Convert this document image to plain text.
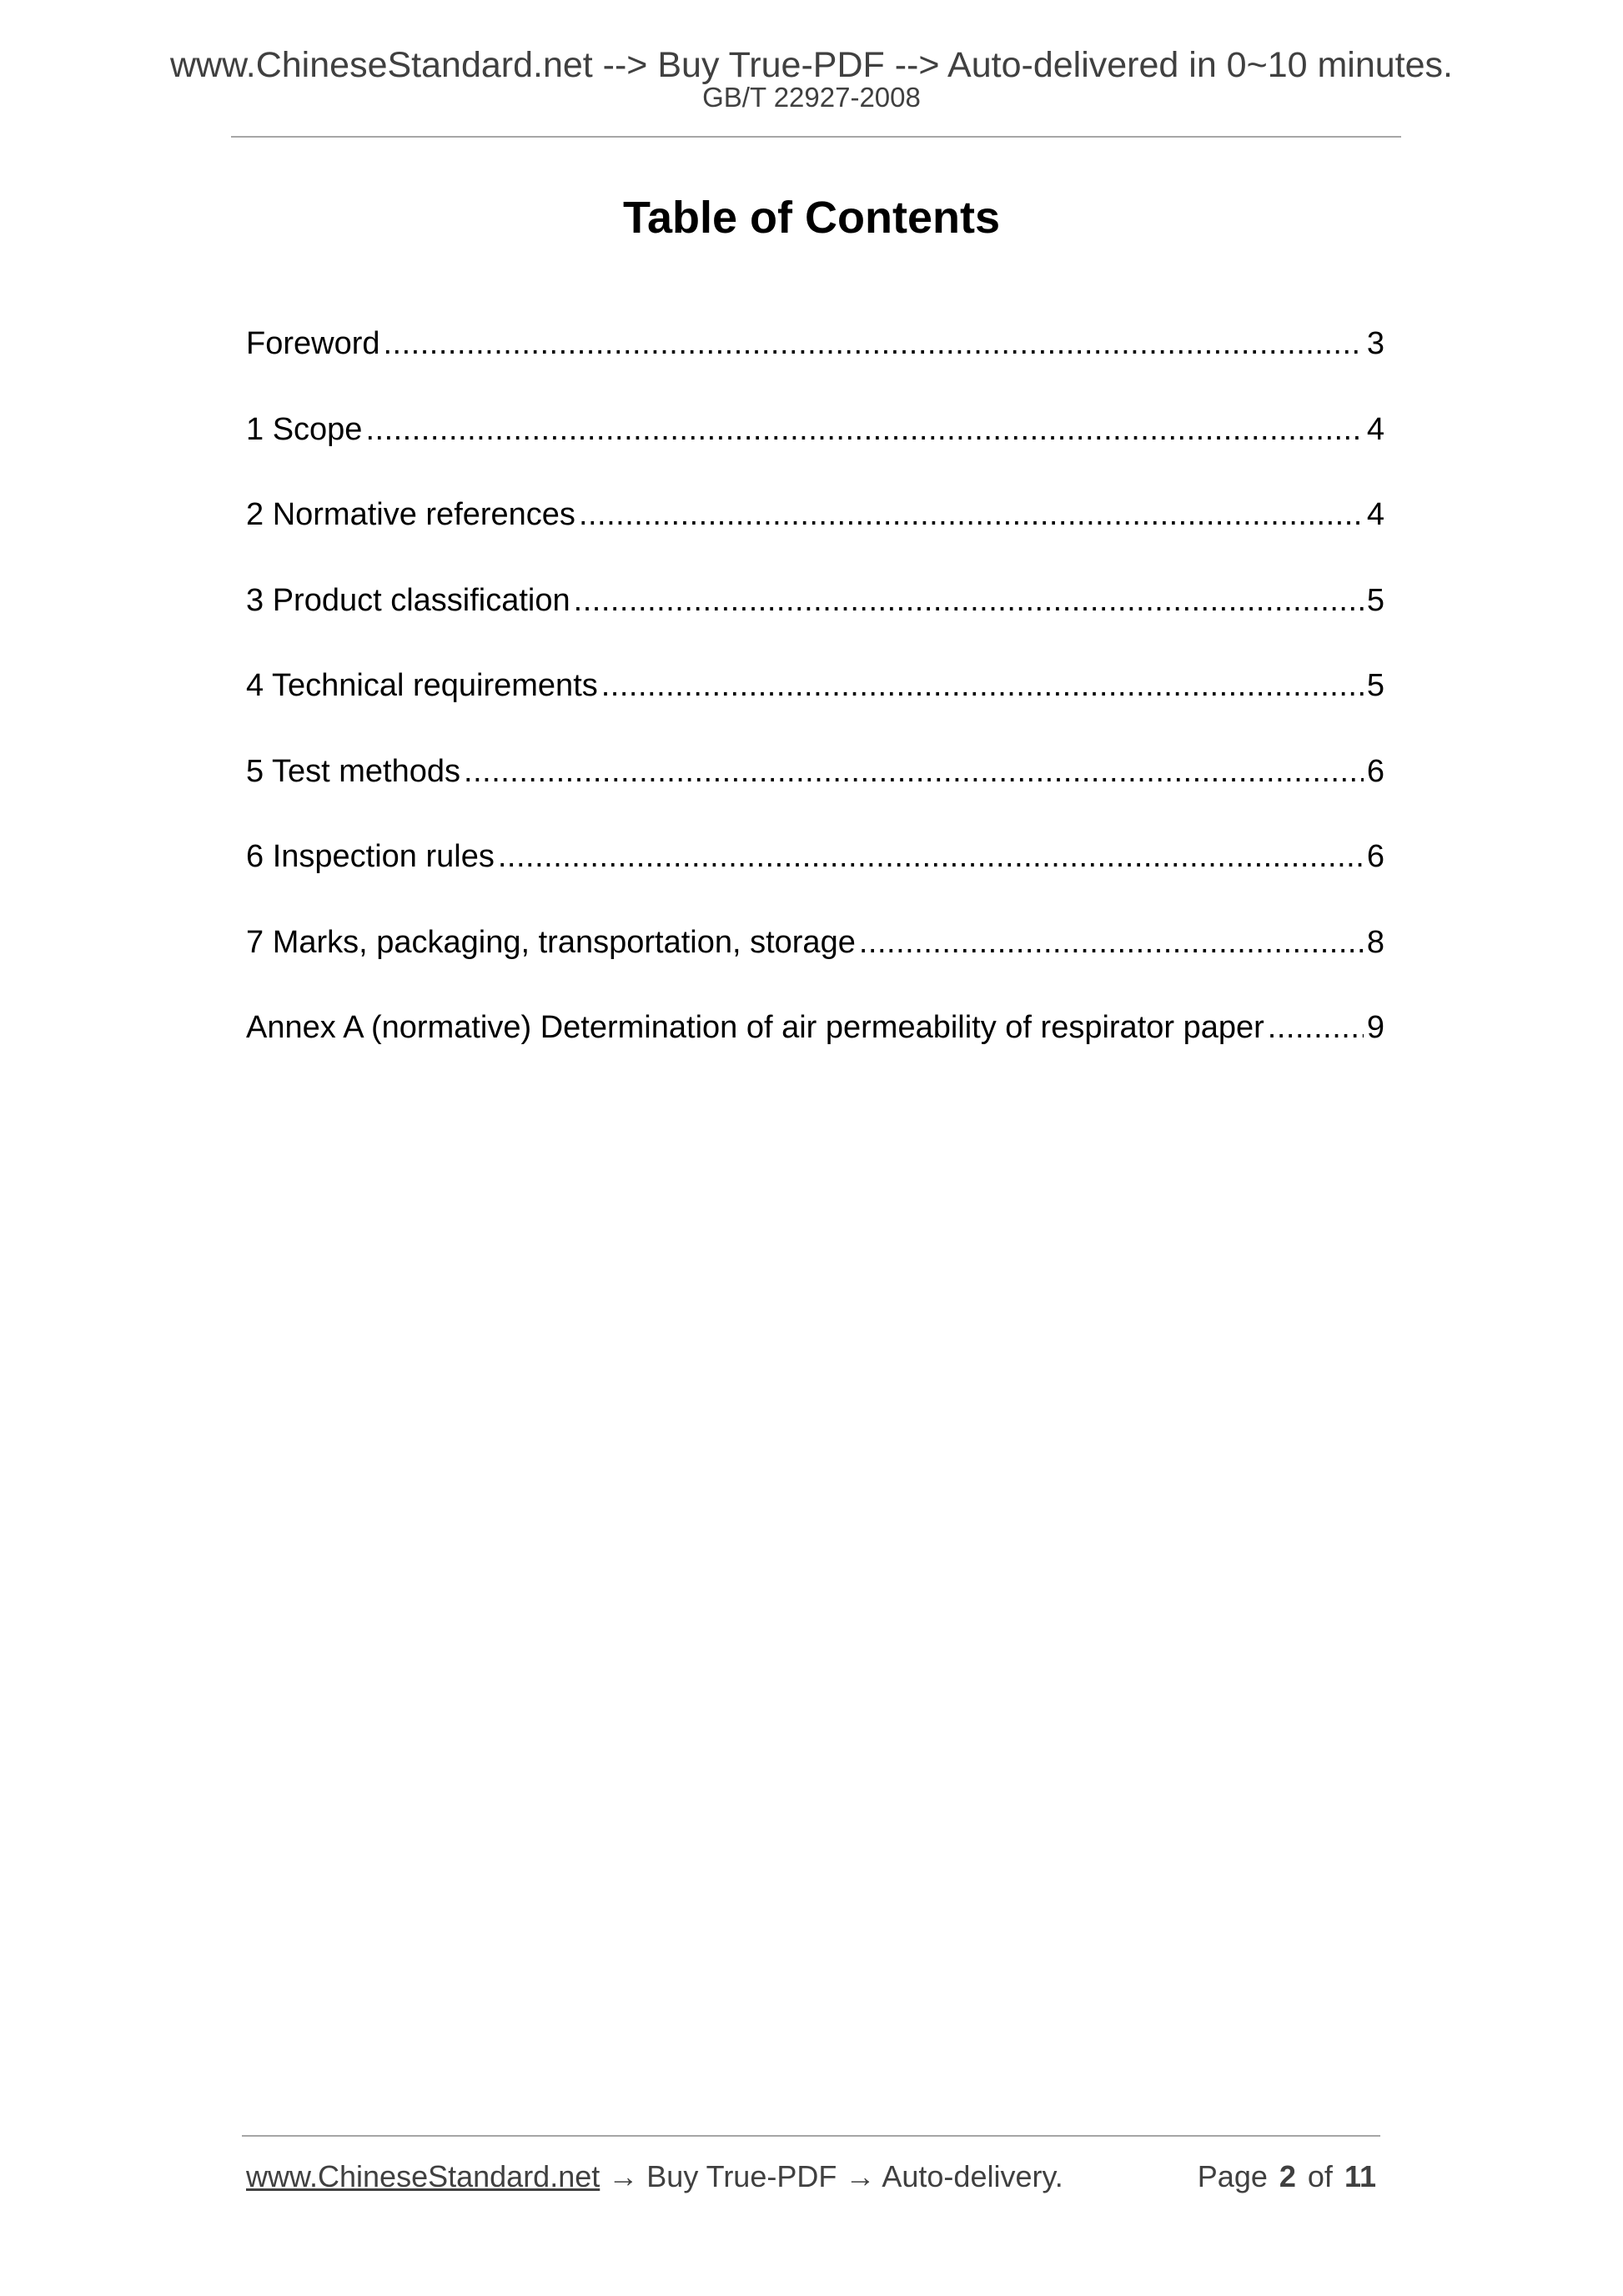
www.ChineseStandard.net --> Buy True-PDF --> Auto-delivered in 0~10 minutes.
GB/T 22927-2008
Table of Contents
Foreword .....	3
1 Scope .....	4
2 Normative references .....	4
3 Product classification .....	5
4 Technical requirements .....	5
5 Test methods .....	6
6 Inspection rules .....	6
7 Marks, packaging, transportation, storage .....	8
Annex A (normative) Determination of air permeability of respirator paper .....	9
www.ChineseStandard.net → Buy True-PDF → Auto-delivery.	Page 2 of 11
